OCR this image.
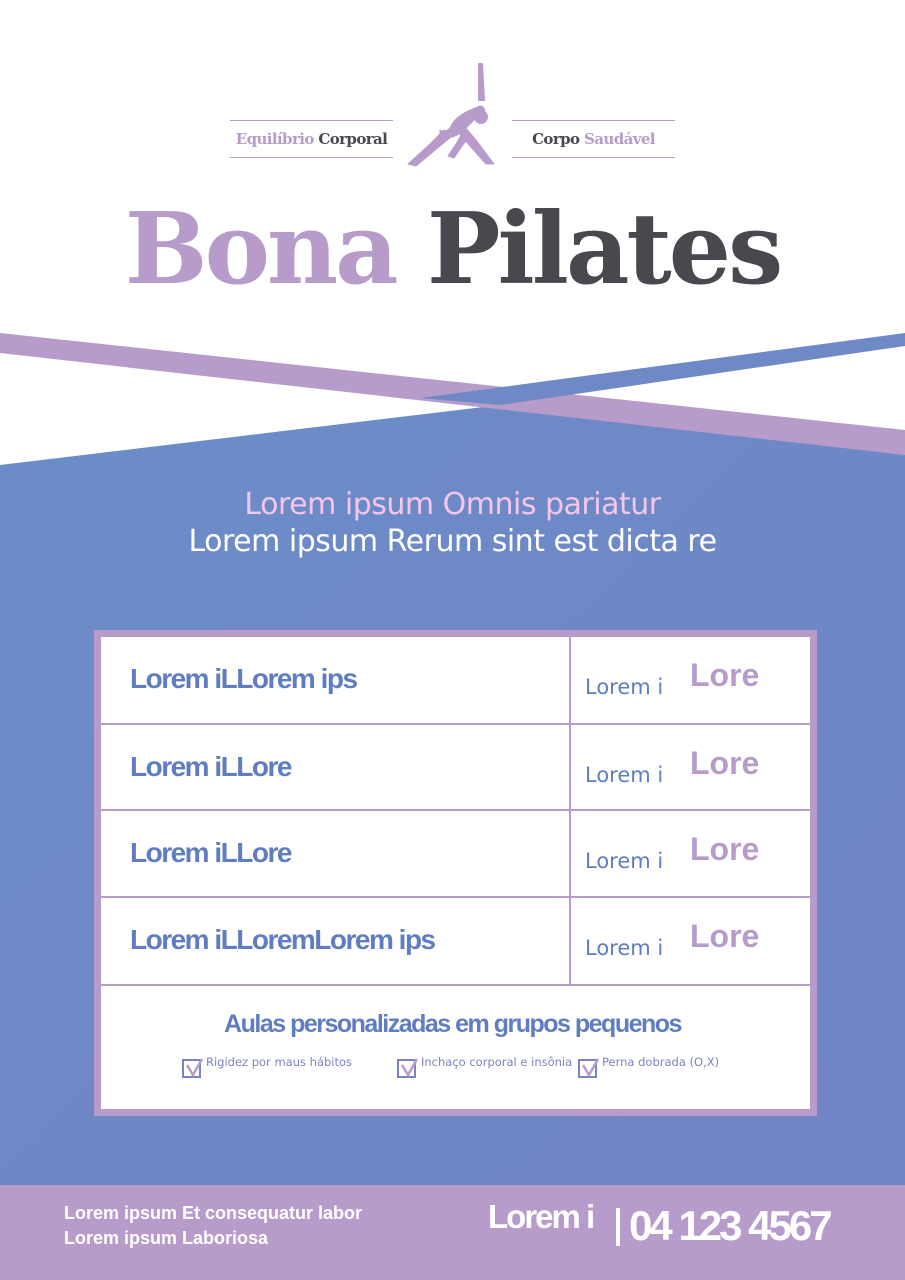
Equilíbrio
Corporal	Corpo
Saudável
Bona Pilates
Lorem ipsum Omnis pariatur
Lorem ipsum Rerum sint est dicta re
Lorem iLLorem ips	Lorem i Lore
Lorem iLLore	Lorem i Lore
Lorem iLLore	Lorem i Lore
Lorem iLLoremLorem ips	Lorem i Lore
Aulas personalizadas em grupos pequenos
Rigidez por maus hábitos	Inchaço corporal e insônia	Perna dobrada (O,X)
Lorem ipsum Et consequatur labor
Lorem ipsum Laboriosa
Lorem i 04 123 4567
